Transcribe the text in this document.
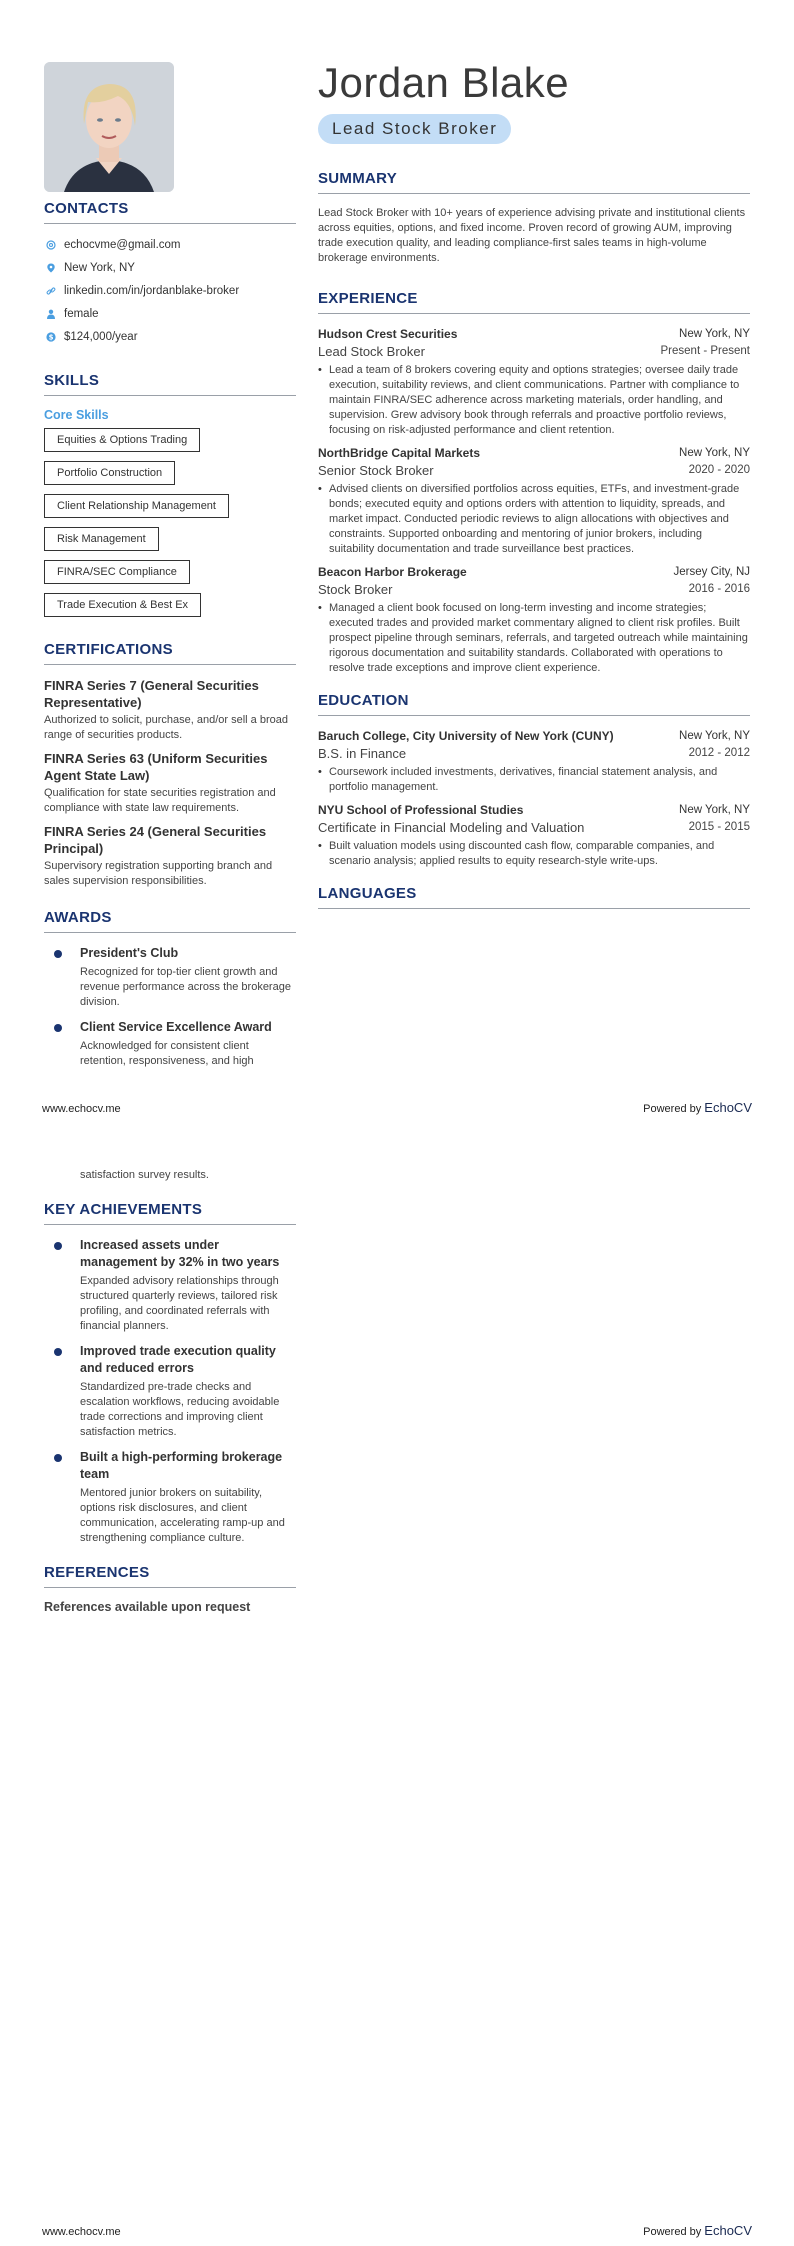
CONTACTS
echocvme@gmail.com
New York, NY
linkedin.com/in/jordanblake-broker
female
$ $124,000/year
SKILLS
Core Skills
Equities & Options Trading
Portfolio Construction
Client Relationship Management
Risk Management
FINRA/SEC Compliance
Trade Execution & Best Ex
CERTIFICATIONS
FINRA Series 7 (General Securities Representative)
Authorized to solicit, purchase, and/or sell a broad range of securities products.
FINRA Series 63 (Uniform Securities Agent State Law)
Qualification for state securities registration and compliance with state law requirements.
FINRA Series 24 (General Securities Principal)
Supervisory registration supporting branch and sales supervision responsibilities.
AWARDS
President's Club
Recognized for top-tier client growth and revenue performance across the brokerage division.
Client Service Excellence Award
Acknowledged for consistent client retention, responsiveness, and high
Jordan Blake
Lead Stock Broker
SUMMARY
Lead Stock Broker with 10+ years of experience advising private and institutional clients across equities, options, and fixed income. Proven record of growing AUM, improving trade execution quality, and leading compliance-first sales teams in high-volume brokerage environments.
EXPERIENCE
Hudson Crest Securities	New York, NY
Lead Stock Broker	Present - Present
• Lead a team of 8 brokers covering equity and options strategies; oversee daily trade execution, suitability reviews, and client communications. Partner with compliance to maintain FINRA/SEC adherence across marketing materials, order handling, and supervision. Grew advisory book through referrals and proactive portfolio reviews, focusing on risk-adjusted performance and client retention.
NorthBridge Capital Markets	New York, NY
Senior Stock Broker	2020 - 2020
• Advised clients on diversified portfolios across equities, ETFs, and investment-grade bonds; executed equity and options orders with attention to liquidity, spreads, and market impact. Conducted periodic reviews to align allocations with objectives and constraints. Supported onboarding and mentoring of junior brokers, including suitability documentation and trade surveillance best practices.
Beacon Harbor Brokerage	Jersey City, NJ
Stock Broker	2016 - 2016
• Managed a client book focused on long-term investing and income strategies; executed trades and provided market commentary aligned to client risk profiles. Built prospect pipeline through seminars, referrals, and targeted outreach while maintaining rigorous documentation and suitability standards. Collaborated with operations to resolve trade exceptions and improve client experience.
EDUCATION
Baruch College, City University of New York (CUNY)	New York, NY
B.S. in Finance	2012 - 2012
• Coursework included investments, derivatives, financial statement analysis, and portfolio management.
NYU School of Professional Studies	New York, NY
Certificate in Financial Modeling and Valuation	2015 - 2015
• Built valuation models using discounted cash flow, comparable companies, and scenario analysis; applied results to equity research-style write-ups.
LANGUAGES
www.echocv.me	Powered by EchoCV
satisfaction survey results.
KEY ACHIEVEMENTS
Increased assets under management by 32% in two years
Expanded advisory relationships through structured quarterly reviews, tailored risk profiling, and coordinated referrals with financial planners.
Improved trade execution quality and reduced errors
Standardized pre-trade checks and escalation workflows, reducing avoidable trade corrections and improving client satisfaction metrics.
Built a high-performing brokerage team
Mentored junior brokers on suitability, options risk disclosures, and client communication, accelerating ramp-up and strengthening compliance culture.
REFERENCES
References available upon request
www.echocv.me	Powered by EchoCV
